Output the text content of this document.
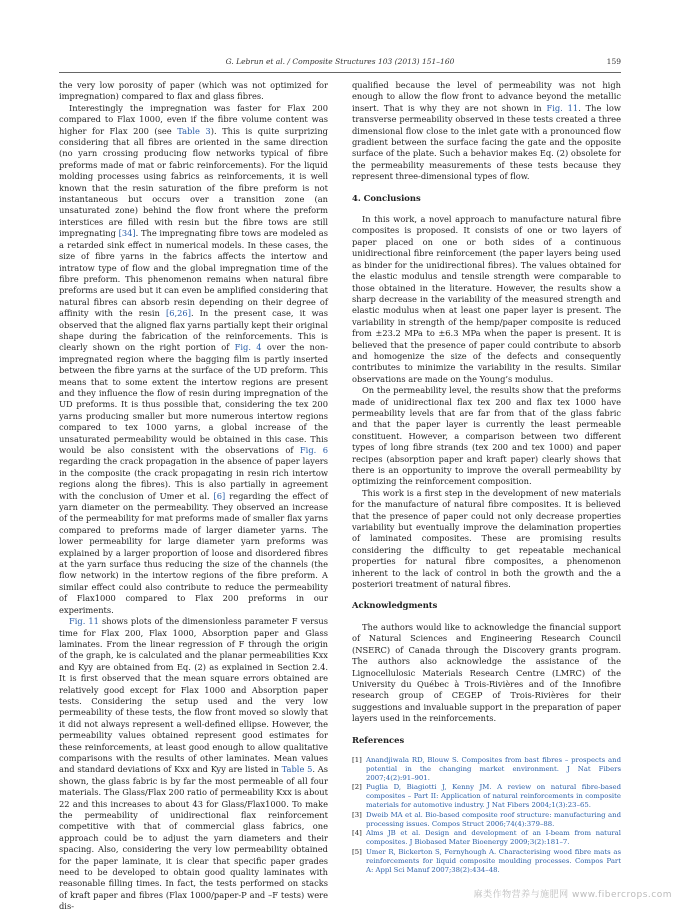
G. Lebrun et al. / Composite Structures 103 (2013) 151–160	159

the very low porosity of paper (which was not optimized for impregnation) compared to flax and glass fibres.

Interestingly the impregnation was faster for Flax 200 compared to Flax 1000, even if the fibre volume content was higher for Flax 200 (see Table 3). This is quite surprizing considering that all fibres are oriented in the same direction (no yarn crossing producing flow networks typical of fibre preforms made of mat or fabric reinforcements). For the liquid molding processes using fabrics as reinforcements, it is well known that the resin saturation of the fibre preform is not instantaneous but occurs over a transition zone (an unsaturated zone) behind the flow front where the preform interstices are filled with resin but the fibre tows are still impregnating [34]. The impregnating fibre tows are modeled as a retarded sink effect in numerical models. In these cases, the size of fibre yarns in the fabrics affects the intertow and intratow type of flow and the global impregnation time of the fibre preform. This phenomenon remains when natural fibre preforms are used but it can even be amplified considering that natural fibres can absorb resin depending on their degree of affinity with the resin [6,26]. In the present case, it was observed that the aligned flax yarns partially kept their original shape during the fabrication of the reinforcements. This is clearly shown on the right portion of Fig. 4 over the non-impregnated region where the bagging film is partly inserted between the fibre yarns at the surface of the UD preform. This means that to some extent the intertow regions are present and they influence the flow of resin during impregnation of the UD preforms. It is thus possible that, considering the tex 200 yarns producing smaller but more numerous intertow regions compared to tex 1000 yarns, a global increase of the unsaturated permeability would be obtained in this case. This would be also consistent with the observations of Fig. 6 regarding the crack propagation in the absence of paper layers in the composite (the crack propagating in resin rich intertow regions along the fibres). This is also partially in agreement with the conclusion of Umer et al. [6] regarding the effect of yarn diameter on the permeability. They observed an increase of the permeability for mat preforms made of smaller flax yarns compared to preforms made of larger diameter yarns. The lower permeability for large diameter yarn preforms was explained by a larger proportion of loose and disordered fibres at the yarn surface thus reducing the size of the channels (the flow network) in the intertow regions of the fibre preform. A similar effect could also contribute to reduce the permeability of Flax1000 compared to Flax 200 preforms in our experiments.

Fig. 11 shows plots of the dimensionless parameter F versus time for Flax 200, Flax 1000, Absorption paper and Glass laminates. From the linear regression of F through the origin of the graph, ke is calculated and the planar permeabilities Kxx and Kyy are obtained from Eq. (2) as explained in Section 2.4. It is first observed that the mean square errors obtained are relatively good except for Flax 1000 and Absorption paper tests. Considering the setup used and the very low permeability of these tests, the flow front moved so slowly that it did not always represent a well-defined ellipse. However, the permeability values obtained represent good estimates for these reinforcements, at least good enough to allow qualitative comparisons with the results of other laminates. Mean values and standard deviations of Kxx and Kyy are listed in Table 5. As shown, the glass fabric is by far the most permeable of all four materials. The Glass/Flax 200 ratio of permeability Kxx is about 22 and this increases to about 43 for Glass/Flax1000. To make the permeability of unidirectional flax reinforcement competitive with that of commercial glass fabrics, one approach could be to adjust the yarn diameters and their spacing. Also, considering the very low permeability obtained for the paper laminate, it is clear that specific paper grades need to be developed to obtain good quality laminates with reasonable filling times. In fact, the tests performed on stacks of kraft paper and fibres (Flax 1000/paper-P and –F tests) were dis-

qualified because the level of permeability was not high enough to allow the flow front to advance beyond the metallic insert. That is why they are not shown in Fig. 11. The low transverse permeability observed in these tests created a three dimensional flow close to the inlet gate with a pronounced flow gradient between the surface facing the gate and the opposite surface of the plate. Such a behavior makes Eq. (2) obsolete for the permeability measurements of these tests because they represent three-dimensional types of flow.

4. Conclusions

In this work, a novel approach to manufacture natural fibre composites is proposed. It consists of one or two layers of paper placed on one or both sides of a continuous unidirectional fibre reinforcement (the paper layers being used as binder for the unidirectional fibres). The values obtained for the elastic modulus and tensile strength were comparable to those obtained in the literature. However, the results show a sharp decrease in the variability of the measured strength and elastic modulus when at least one paper layer is present. The variability in strength of the hemp/paper composite is reduced from ±23.2 MPa to ±6.3 MPa when the paper is present. It is believed that the presence of paper could contribute to absorb and homogenize the size of the defects and consequently contributes to minimize the variability in the results. Similar observations are made on the Young’s modulus.

On the permeability level, the results show that the preforms made of unidirectional flax tex 200 and flax tex 1000 have permeability levels that are far from that of the glass fabric and that the paper layer is currently the least permeable constituent. However, a comparison between two different types of long fibre strands (tex 200 and tex 1000) and paper recipes (absorption paper and kraft paper) clearly shows that there is an opportunity to improve the overall permeability by optimizing the reinforcement composition.

This work is a first step in the development of new materials for the manufacture of natural fibre composites. It is believed that the presence of paper could not only decrease properties variability but eventually improve the delamination properties of laminated composites. These are promising results considering the difficulty to get repeatable mechanical properties for natural fibre composites, a phenomenon inherent to the lack of control in both the growth and the a posteriori treatment of natural fibres.

Acknowledgments

The authors would like to acknowledge the financial support of Natural Sciences and Engineering Research Council (NSERC) of Canada through the Discovery grants program. The authors also acknowledge the assistance of the Lignocellulosic Materials Research Centre (LMRC) of the University du Québec à Trois-Rivières and of the Innofibre research group of CEGEP of Trois-Rivières for their suggestions and invaluable support in the preparation of paper layers used in the reinforcements.

References
[1] Anandjiwala RD, Blouw S. Composites from bast fibres – prospects and potential in the changing market environment. J Nat Fibers 2007;4(2):91–901.
[2] Puglia D, Biagiotti J, Kenny JM. A review on natural fibre-based composites – Part II: Application of natural reinforcements in composite materials for automotive industry. J Nat Fibers 2004;1(3):23–65.
[3] Dweib MA et al. Bio-based composite roof structure: manufacturing and processing issues. Compos Struct 2006;74(4):379–88.
[4] Alms JB et al. Design and development of an I-beam from natural composites. J Biobased Mater Bioenergy 2009;3(2):181–7.
[5] Umer R, Bickerton S, Fernyhough A. Characterising wood fibre mats as reinforcements for liquid composite moulding processes. Compos Part A: Appl Sci Manuf 2007;38(2):434–48.
麻类作物营养与施肥网 www.fibercrops.com
